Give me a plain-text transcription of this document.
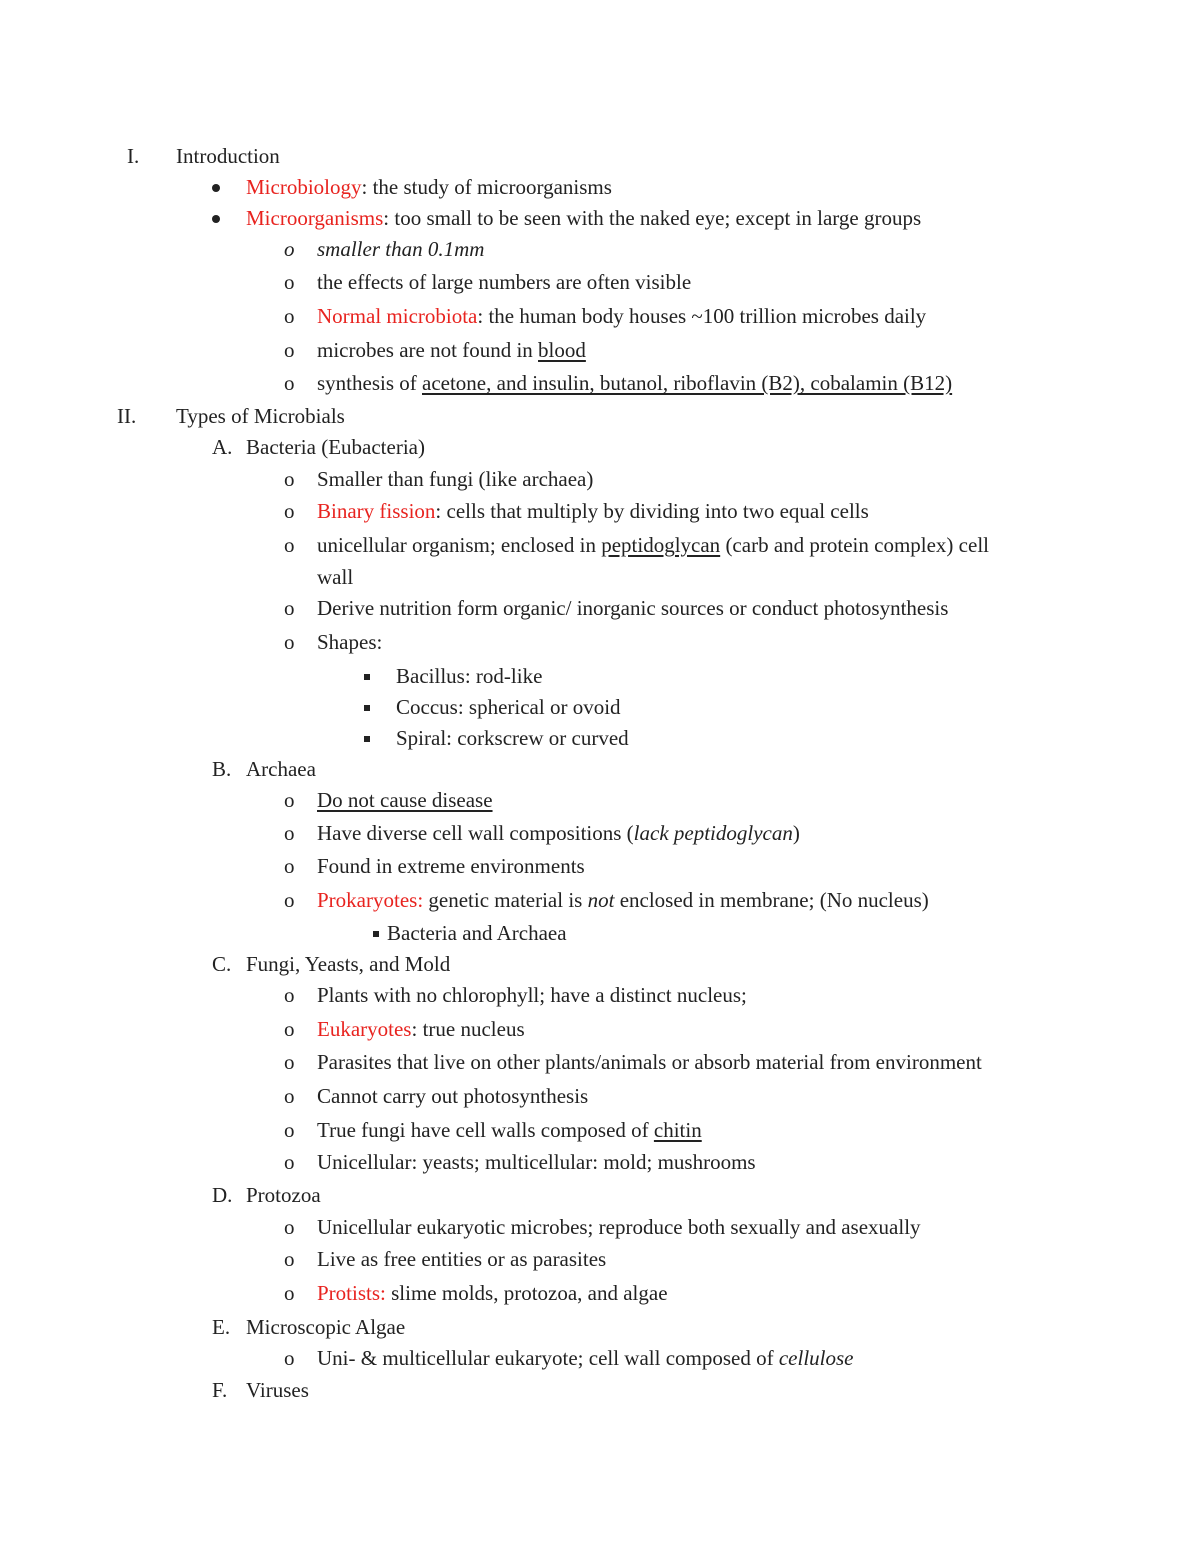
I. Introduction
Microbiology: the study of microorganisms
Microorganisms: too small to be seen with the naked eye; except in large groups
o smaller than 0.1mm
o the effects of large numbers are often visible
o Normal microbiota: the human body houses ~100 trillion microbes daily
o microbes are not found in blood
o synthesis of acetone, and insulin, butanol, riboflavin (B2), cobalamin (B12)
II. Types of Microbials
A. Bacteria (Eubacteria)
o Smaller than fungi (like archaea)
o Binary fission: cells that multiply by dividing into two equal cells
o unicellular organism; enclosed in peptidoglycan (carb and protein complex) cell
wall
o Derive nutrition form organic/ inorganic sources or conduct photosynthesis
o Shapes:
Bacillus: rod-like
Coccus: spherical or ovoid
Spiral: corkscrew or curved
B. Archaea
o Do not cause disease
o Have diverse cell wall compositions (lack peptidoglycan)
o Found in extreme environments
o Prokaryotes: genetic material is not enclosed in membrane; (No nucleus)
Bacteria and Archaea
C. Fungi, Yeasts, and Mold
o Plants with no chlorophyll; have a distinct nucleus;
o Eukaryotes: true nucleus
o Parasites that live on other plants/animals or absorb material from environment
o Cannot carry out photosynthesis
o True fungi have cell walls composed of chitin
o Unicellular: yeasts; multicellular: mold; mushrooms
D. Protozoa
o Unicellular eukaryotic microbes; reproduce both sexually and asexually
o Live as free entities or as parasites
o Protists: slime molds, protozoa, and algae
E. Microscopic Algae
o Uni- & multicellular eukaryote; cell wall composed of cellulose
F. Viruses
